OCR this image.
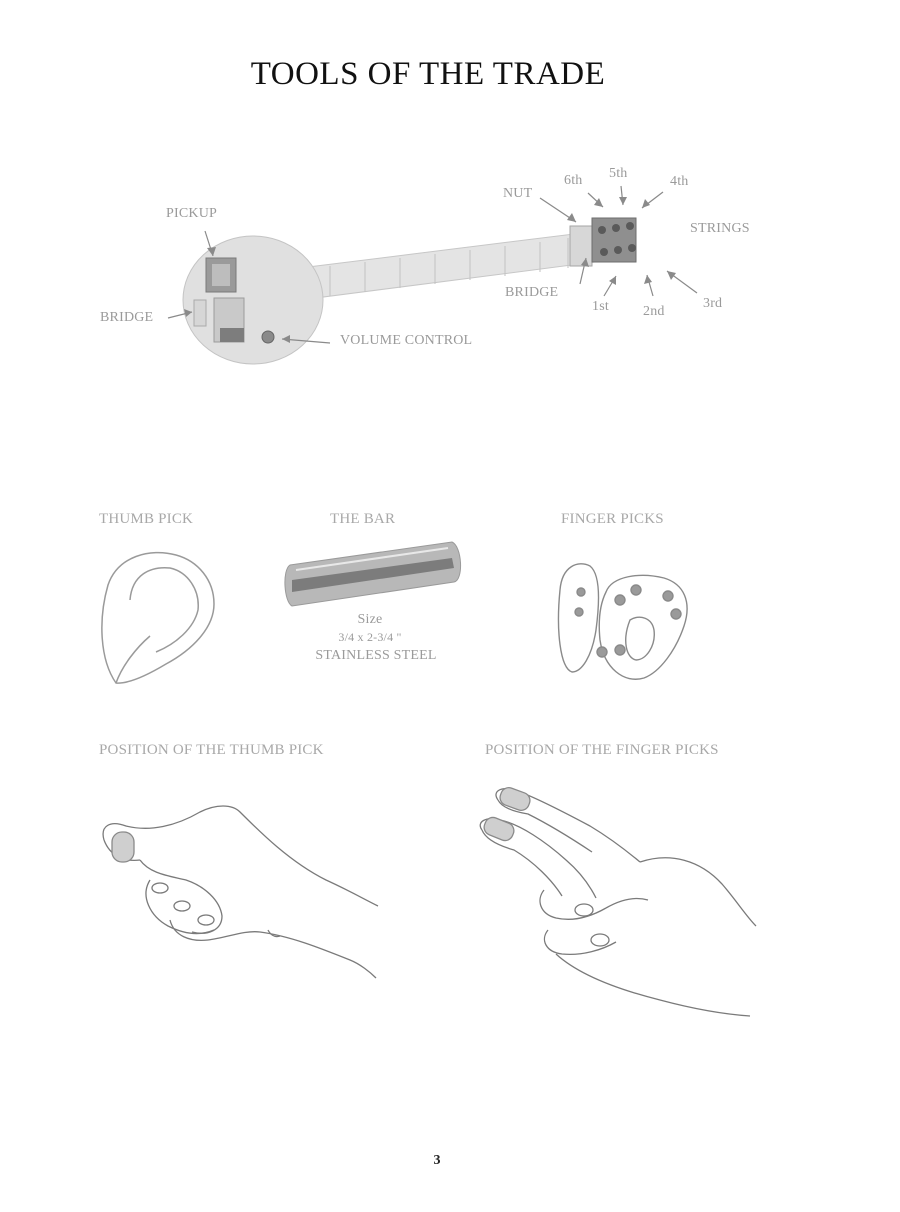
TOOLS OF THE TRADE
PICKUP
BRIDGE
VOLUME CONTROL
NUT
BRIDGE
STRINGS
6th 5th
4th
1st 2nd
3rd
THUMB PICK	THE BAR	FINGER PICKS
Size
3/4 x 2-3/4 "
STAINLESS STEEL
POSITION OF THE THUMB PICK	POSITION OF THE FINGER PICKS
3
